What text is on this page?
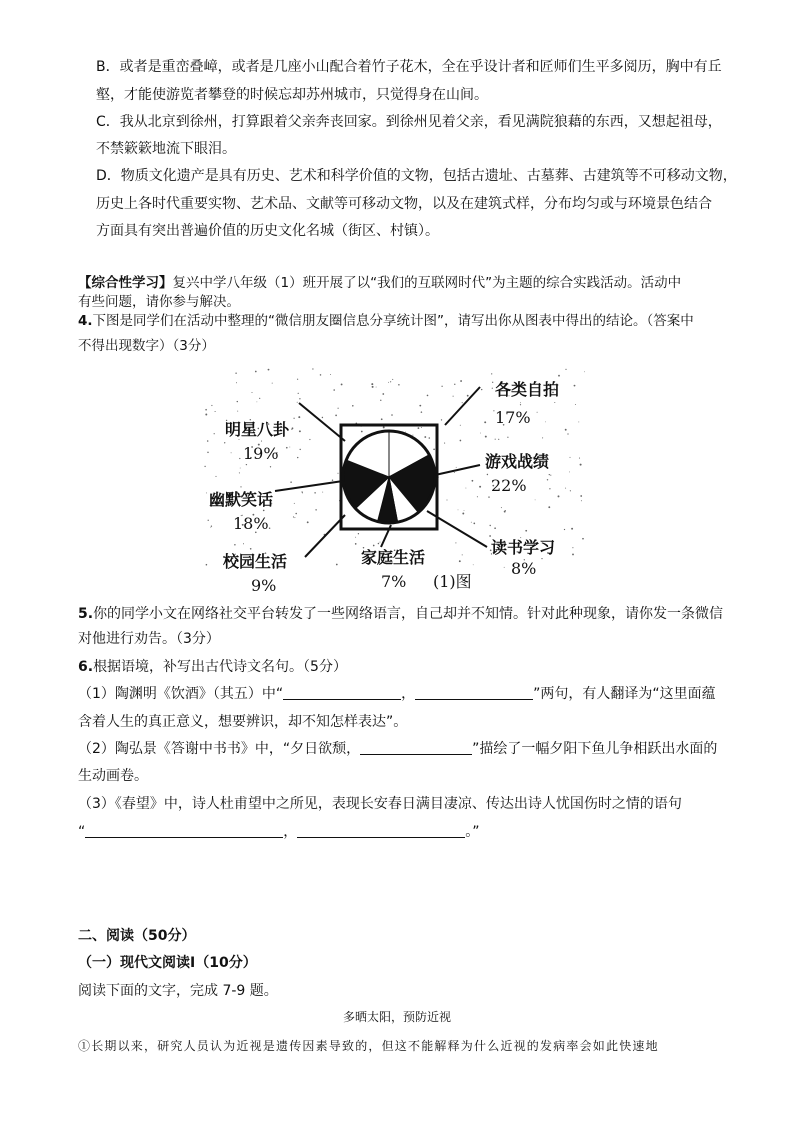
B．或者是重峦叠嶂，或者是几座小山配合着竹子花木，全在乎设计者和匠师们生平多阅历，胸中有丘
壑，才能使游览者攀登的时候忘却苏州城市，只觉得身在山间。
C．我从北京到徐州，打算跟着父亲奔丧回家。到徐州见着父亲，看见满院狼藉的东西，又想起祖母，
不禁簌簌地流下眼泪。
D．物质文化遗产是具有历史、艺术和科学价值的文物，包括古遗址、古墓葬、古建筑等不可移动文物，
历史上各时代重要实物、艺术品、文献等可移动文物，以及在建筑式样，分布均匀或与环境景色结合
方面具有突出普遍价值的历史文化名城（街区、村镇）。
【综合性学习】复兴中学八年级（1）班开展了以“我们的互联网时代”为主题的综合实践活动。活动中
有些问题，请你参与解决。
4.下图是同学们在活动中整理的“微信朋友圈信息分享统计图”，请写出你从图表中得出的结论。（答案中
不得出现数字）（3分）
各类自拍
17%
游戏战绩
22%
读书学习
8%
家庭生活
7%
校园生活
9%
幽默笑话
18%
明星八卦
19%
(1)图
5.你的同学小文在网络社交平台转发了一些网络语言，自己却并不知情。针对此种现象，请你发一条微信
对他进行劝告。（3分）
6.根据语境，补写出古代诗文名句。（5分）
（1）陶渊明《饮酒》（其五）中“	，	”两句，有人翻译为“这里面蕴
含着人生的真正意义，想要辨识，却不知怎样表达”。
（2）陶弘景《答谢中书书》中，“夕日欲颓，	”描绘了一幅夕阳下鱼儿争相跃出水面的
生动画卷。
（3）《春望》中，诗人杜甫望中之所见，表现长安春日满目凄凉、传达出诗人忧国伤时之情的语句
“	，	。”
二、阅读（50分）
（一）现代文阅读Ⅰ（10分）
阅读下面的文字，完成 7-9 题。
多晒太阳，预防近视
①长期以来，研究人员认为近视是遗传因素导致的，但这不能解释为什么近视的发病率会如此快速地
